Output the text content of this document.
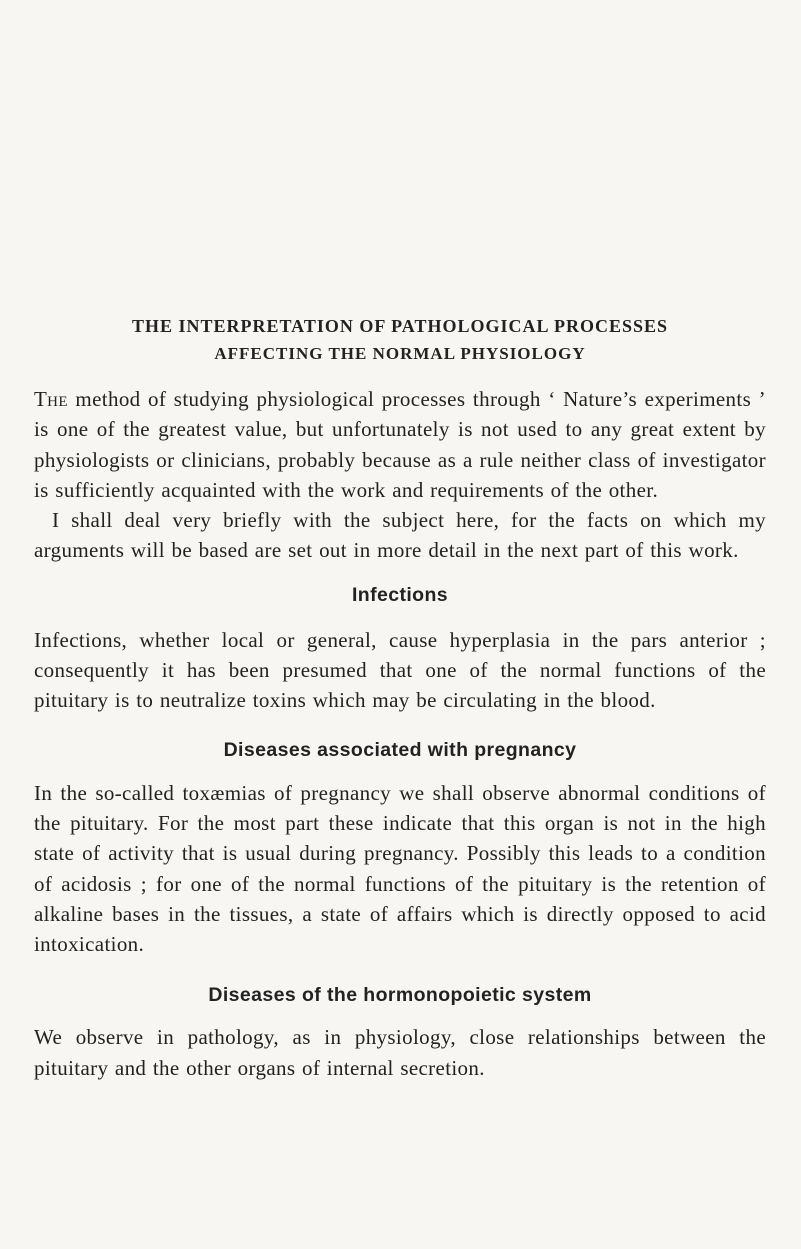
THE INTERPRETATION OF PATHOLOGICAL PROCESSES
AFFECTING THE NORMAL PHYSIOLOGY

The method of studying physiological processes through ‘ Nature’s experiments ’ is one of the greatest value, but unfortunately is not used to any great extent by physiologists or clinicians, probably because as a rule neither class of investigator is sufficiently acquainted with the work and requirements of the other.

I shall deal very briefly with the subject here, for the facts on which my arguments will be based are set out in more detail in the next part of this work.

Infections

Infections, whether local or general, cause hyperplasia in the pars anterior ; consequently it has been presumed that one of the normal functions of the pituitary is to neutralize toxins which may be circulating in the blood.

Diseases associated with pregnancy

In the so-called toxæmias of pregnancy we shall observe abnormal conditions of the pituitary. For the most part these indicate that this organ is not in the high state of activity that is usual during pregnancy. Possibly this leads to a condition of acidosis ; for one of the normal functions of the pituitary is the retention of alkaline bases in the tissues, a state of affairs which is directly opposed to acid intoxication.

Diseases of the hormonopoietic system

We observe in pathology, as in physiology, close relationships between the pituitary and the other organs of internal secretion.
